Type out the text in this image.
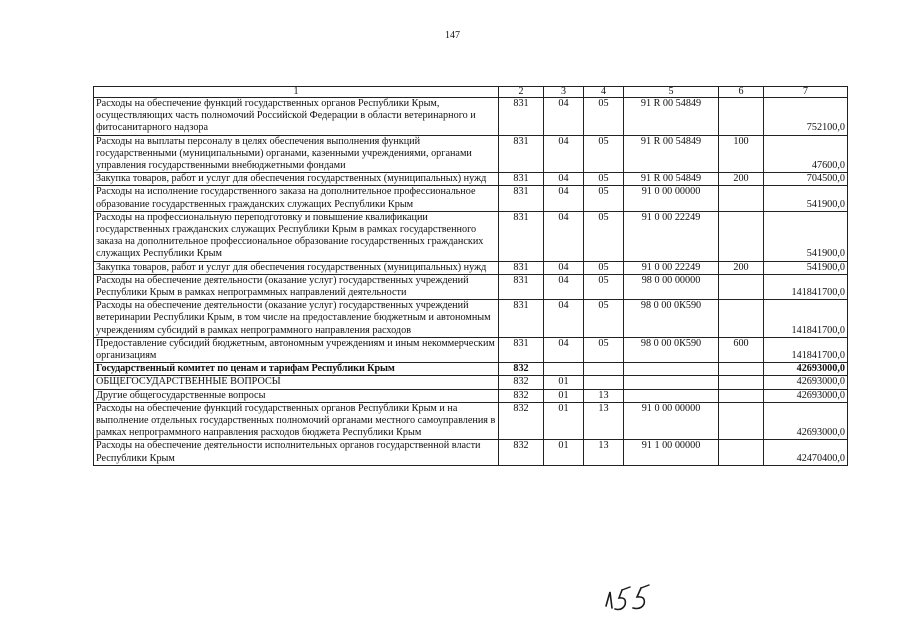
147
1	2	3	4	5	6	7
Расходы на обеспечение функций государственных органов Республики Крым, осуществляющих часть полномочий Российской Федерации в области ветеринарного и фитосанитарного надзора	831	04	05	91 R 00 54849		752100,0
Расходы на выплаты персоналу в целях обеспечения выполнения функций государственными (муниципальными) органами, казенными учреждениями, органами управления государственными внебюджетными фондами	831	04	05	91 R 00 54849	100	47600,0
Закупка товаров, работ и услуг для обеспечения государственных (муниципальных) нужд	831	04	05	91 R 00 54849	200	704500,0
Расходы на исполнение государственного заказа на дополнительное профессиональное образование государственных гражданских служащих Республики Крым	831	04	05	91 0 00 00000		541900,0
Расходы на профессиональную переподготовку и повышение квалификации государственных гражданских служащих Республики Крым в рамках государственного заказа на дополнительное профессиональное образование государственных гражданских служащих Республики Крым	831	04	05	91 0 00 22249		541900,0
Закупка товаров, работ и услуг для обеспечения государственных (муниципальных) нужд	831	04	05	91 0 00 22249	200	541900,0
Расходы на обеспечение деятельности (оказание услуг) государственных учреждений Республики Крым в рамках непрограммных направлений деятельности	831	04	05	98 0 00 00000		141841700,0
Расходы на обеспечение деятельности (оказание услуг) государственных учреждений ветеринарии Республики Крым, в том числе на предоставление бюджетным и автономным учреждениям субсидий в рамках непрограммного направления расходов	831	04	05	98 0 00 0К590		141841700,0
Предоставление субсидий бюджетным, автономным учреждениям и иным некоммерческим организациям	831	04	05	98 0 00 0К590	600	141841700,0
Государственный комитет по ценам и тарифам Республики Крым	832					42693000,0
ОБЩЕГОСУДАРСТВЕННЫЕ ВОПРОСЫ	832	01				42693000,0
Другие общегосударственные вопросы	832	01	13			42693000,0
Расходы на обеспечение функций государственных органов Республики Крым и на выполнение отдельных государственных полномочий органами местного самоуправления в рамках непрограммного направления расходов бюджета Республики Крым	832	01	13	91 0 00 00000		42693000,0
Расходы на обеспечение деятельности исполнительных органов государственной власти Республики Крым	832	01	13	91 1 00 00000		42470400,0
